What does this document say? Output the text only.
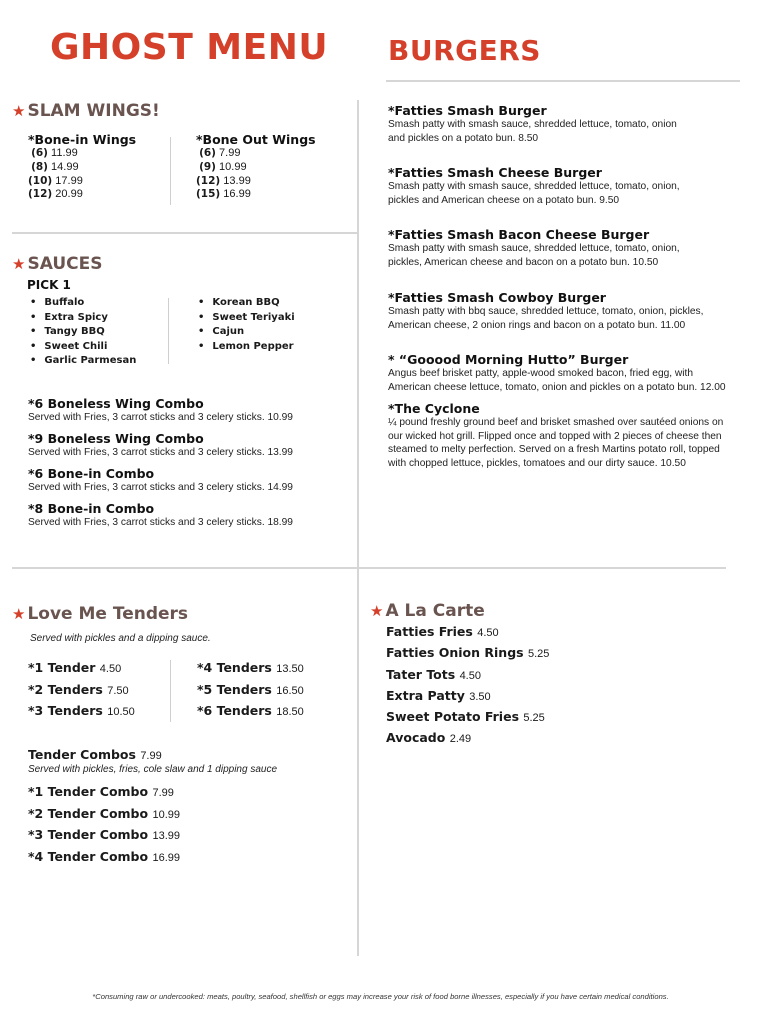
GHOST MENU BURGERS
★ SLAM WINGS!
*Bone-in Wings
(6) 11.99
(8) 14.99
(10) 17.99
(12) 20.99
*Bone Out Wings
(6) 7.99
(9) 10.99
(12) 13.99
(15) 16.99
★ SAUCES
PICK 1
• Buffalo
• Extra Spicy
• Tangy BBQ
• Sweet Chili
• Garlic Parmesan
• Korean BBQ
• Sweet Teriyaki
• Cajun
• Lemon Pepper
*6 Boneless Wing Combo
Served with Fries, 3 carrot sticks and 3 celery sticks. 10.99
*9 Boneless Wing Combo
Served with Fries, 3 carrot sticks and 3 celery sticks. 13.99
*6 Bone-in Combo
Served with Fries, 3 carrot sticks and 3 celery sticks. 14.99
*8 Bone-in Combo
Served with Fries, 3 carrot sticks and 3 celery sticks. 18.99
*Fatties Smash Burger
Smash patty with smash sauce, shredded lettuce, tomato, onion
and pickles on a potato bun. 8.50
*Fatties Smash Cheese Burger
Smash patty with smash sauce, shredded lettuce, tomato, onion,
pickles and American cheese on a potato bun. 9.50
*Fatties Smash Bacon Cheese Burger
Smash patty with smash sauce, shredded lettuce, tomato, onion,
pickles, American cheese and bacon on a potato bun. 10.50
*Fatties Smash Cowboy Burger
Smash patty with bbq sauce, shredded lettuce, tomato, onion, pickles,
American cheese, 2 onion rings and bacon on a potato bun. 11.00
* “Gooood Morning Hutto” Burger
Angus beef brisket patty, apple-wood smoked bacon, fried egg, with
American cheese lettuce, tomato, onion and pickles on a potato bun. 12.00
*The Cyclone
¼ pound freshly ground beef and brisket smashed over sautéed onions on
our wicked hot grill. Flipped once and topped with 2 pieces of cheese then
steamed to melty perfection. Served on a fresh Martins potato roll, topped
with chopped lettuce, pickles, tomatoes and our dirty sauce. 10.50
★ Love Me Tenders
Served with pickles and a dipping sauce.
*1 Tender 4.50
*2 Tenders 7.50
*3 Tenders 10.50
*4 Tenders 13.50
*5 Tenders 16.50
*6 Tenders 18.50
Tender Combos 7.99
Served with pickles, fries, cole slaw and 1 dipping sauce
*1 Tender Combo 7.99
*2 Tender Combo 10.99
*3 Tender Combo 13.99
*4 Tender Combo 16.99
★ A La Carte
Fatties Fries 4.50
Fatties Onion Rings 5.25
Tater Tots 4.50
Extra Patty 3.50
Sweet Potato Fries 5.25
Avocado 2.49
*Consuming raw or undercooked: meats, poultry, seafood, shellfish or eggs may increase your risk of food borne illnesses, especially if you have certain medical conditions.
